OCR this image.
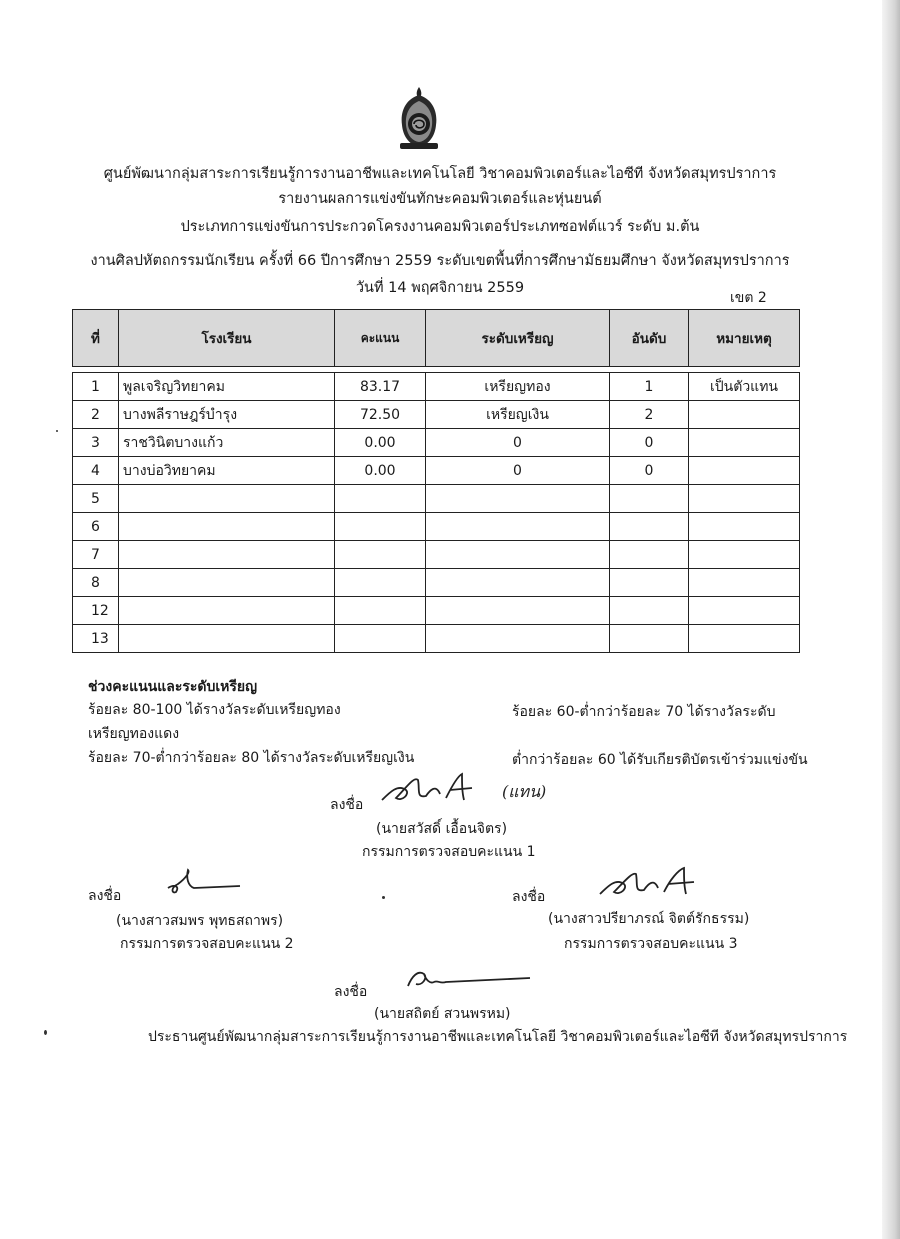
ศูนย์พัฒนากลุ่มสาระการเรียนรู้การงานอาชีพและเทคโนโลยี วิชาคอมพิวเตอร์และไอซีที จังหวัดสมุทรปราการ
รายงานผลการแข่งขันทักษะคอมพิวเตอร์และหุ่นยนต์
ประเภทการแข่งขันการประกวดโครงงานคอมพิวเตอร์ประเภทซอฟต์แวร์ ระดับ ม.ต้น
งานศิลปหัตถกรรมนักเรียน ครั้งที่ 66 ปีการศึกษา 2559 ระดับเขตพื้นที่การศึกษามัธยมศึกษา จังหวัดสมุทรปราการ
วันที่ 14 พฤศจิกายน 2559
เขต 2
ที่	โรงเรียน	คะแนน	ระดับเหรียญ	อันดับ	หมายเหตุ

1	พูลเจริญวิทยาคม	83.17	เหรียญทอง	1	เป็นตัวแทน
2	บางพลีราษฎร์บำรุง	72.50	เหรียญเงิน	2	
3	ราชวินิตบางแก้ว	0.00	0	0	
4	บางบ่อวิทยาคม	0.00	0	0	
5					
6					
7					
8					
12					
13					
ช่วงคะแนนและระดับเหรียญ
ร้อยละ 80-100 ได้รางวัลระดับเหรียญทอง	ร้อยละ 60-ต่ำกว่าร้อยละ 70 ได้รางวัลระดับ
เหรียญทองแดง
ร้อยละ 70-ต่ำกว่าร้อยละ 80 ได้รางวัลระดับเหรียญเงิน	ต่ำกว่าร้อยละ 60 ได้รับเกียรติบัตรเข้าร่วมแข่งขัน
ลงชื่อ
(แทน)
(นายสวัสดิ์ เอื้อนจิตร)
กรรมการตรวจสอบคะแนน 1
ลงชื่อ
(นางสาวสมพร พุทธสถาพร)
กรรมการตรวจสอบคะแนน 2
ลงชื่อ
(นางสาวปรียาภรณ์ จิตต์รักธรรม)
กรรมการตรวจสอบคะแนน 3
ลงชื่อ
(นายสถิตย์ สวนพรหม)
ประธานศูนย์พัฒนากลุ่มสาระการเรียนรู้การงานอาชีพและเทคโนโลยี วิชาคอมพิวเตอร์และไอซีที จังหวัดสมุทรปราการ
